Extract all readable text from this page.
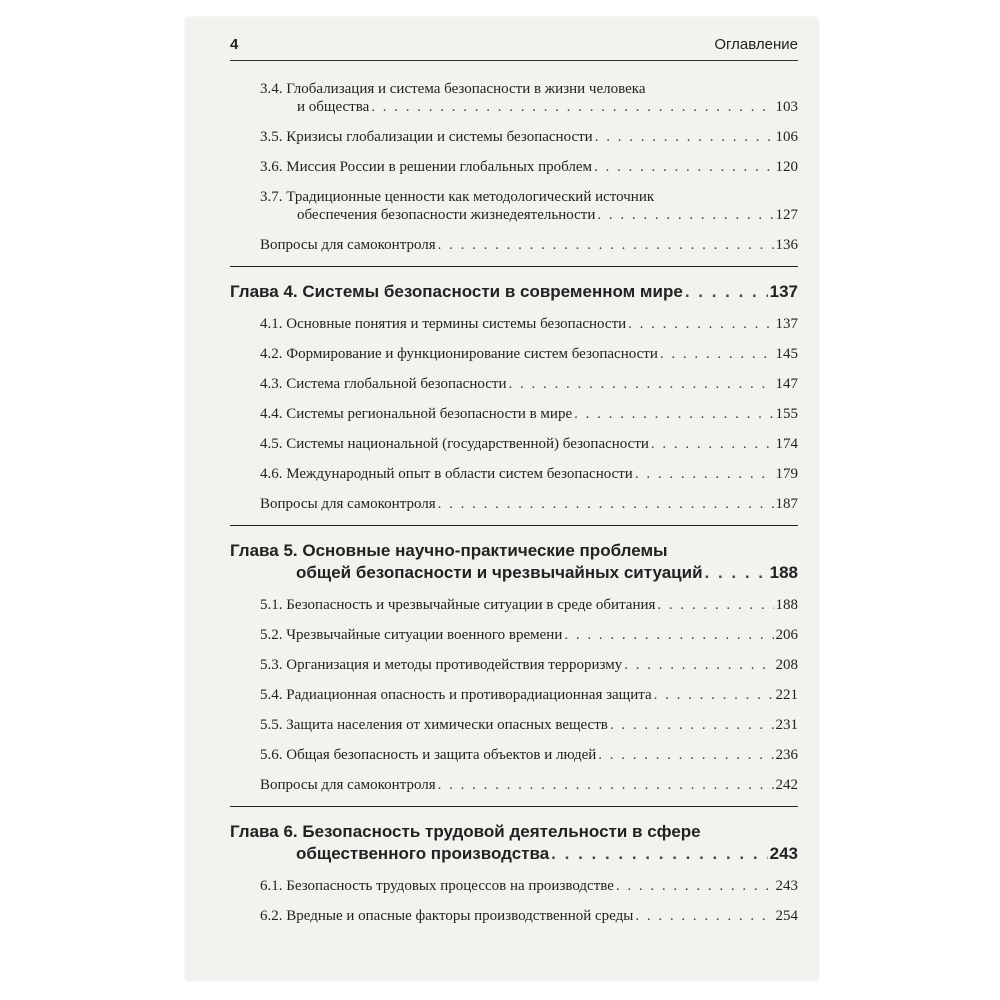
4	Оглавление
3.4. Глобализация и система безопасности в жизни человека
и общества . . .	103
3.5. Кризисы глобализации и системы безопасности . . .	106
3.6. Миссия России в решении глобальных проблем . . .	120
3.7. Традиционные ценности как методологический источник
обеспечения безопасности жизнедеятельности . . .	127
Вопросы для самоконтроля . . .	136
Глава 4. Системы безопасности в современном мире . . .	137
4.1. Основные понятия и термины системы безопасности . . .	137
4.2. Формирование и функционирование систем безопасности . . .	145
4.3. Система глобальной безопасности . . .	147
4.4. Системы региональной безопасности в мире . . .	155
4.5. Системы национальной (государственной) безопасности . . .	174
4.6. Международный опыт в области систем безопасности . . .	179
Вопросы для самоконтроля . . .	187
Глава 5. Основные научно-практические проблемы
общей безопасности и чрезвычайных ситуаций . . .	188
5.1. Безопасность и чрезвычайные ситуации в среде обитания . . .	188
5.2. Чрезвычайные ситуации военного времени . . .	206
5.3. Организация и методы противодействия терроризму . . .	208
5.4. Радиационная опасность и противорадиационная защита . . .	221
5.5. Защита населения от химически опасных веществ . . .	231
5.6. Общая безопасность и защита объектов и людей . . .	236
Вопросы для самоконтроля . . .	242
Глава 6. Безопасность трудовой деятельности в сфере
общественного производства . . .	243
6.1. Безопасность трудовых процессов на производстве . . .	243
6.2. Вредные и опасные факторы производственной среды . . .	254
